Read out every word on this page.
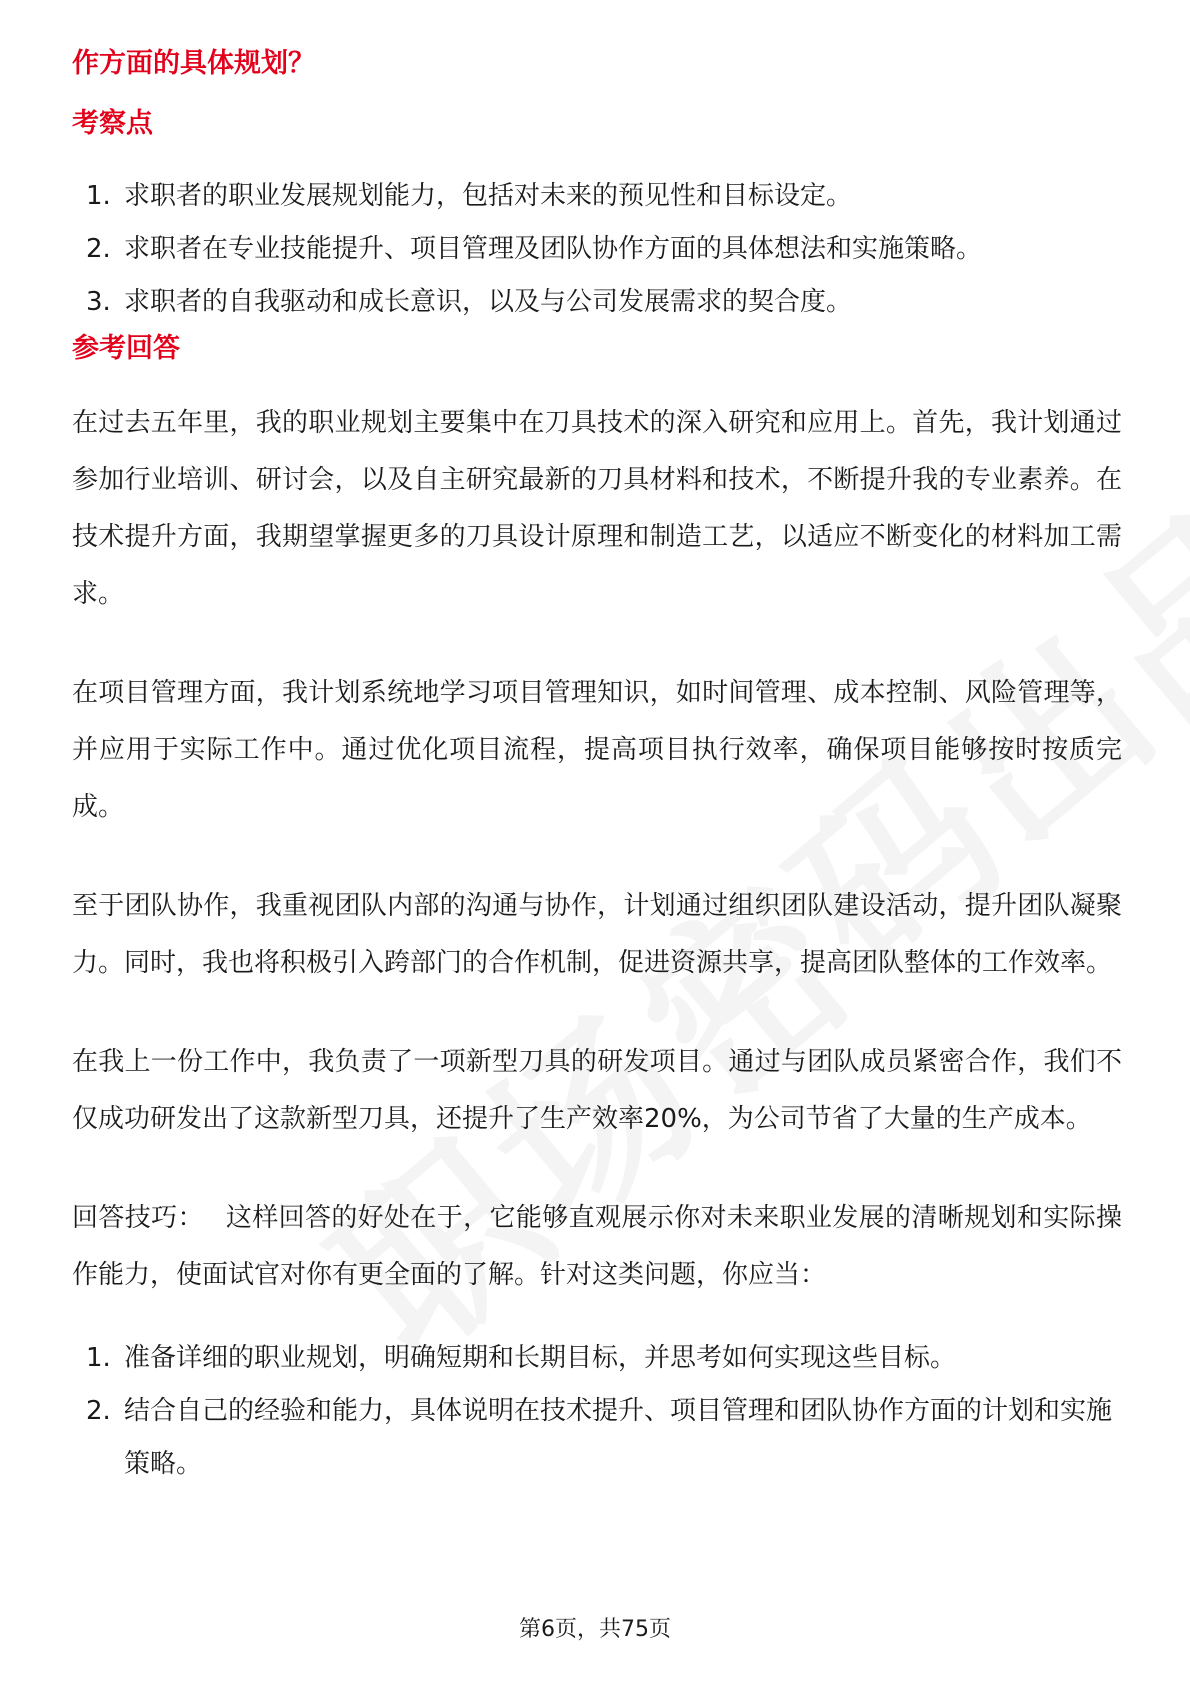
作方面的具体规划？
考察点
1. 求职者的职业发展规划能力，包括对未来的预见性和目标设定。
2. 求职者在专业技能提升、项目管理及团队协作方面的具体想法和实施策略。
3. 求职者的自我驱动和成长意识，以及与公司发展需求的契合度。
参考回答

在过去五年里，我的职业规划主要集中在刀具技术的深入研究和应用上。首先，我计划通过参加行业培训、研讨会，以及自主研究最新的刀具材料和技术，不断提升我的专业素养。在技术提升方面，我期望掌握更多的刀具设计原理和制造工艺，以适应不断变化的材料加工需求。

在项目管理方面，我计划系统地学习项目管理知识，如时间管理、成本控制、风险管理等，并应用于实际工作中。通过优化项目流程，提高项目执行效率，确保项目能够按时按质完成。

至于团队协作，我重视团队内部的沟通与协作，计划通过组织团队建设活动，提升团队凝聚力。同时，我也将积极引入跨部门的合作机制，促进资源共享，提高团队整体的工作效率。

在我上一份工作中，我负责了一项新型刀具的研发项目。通过与团队成员紧密合作，我们不仅成功研发出了这款新型刀具，还提升了生产效率20%，为公司节省了大量的生产成本。

回答技巧： 这样回答的好处在于，它能够直观展示你对未来职业发展的清晰规划和实际操作能力，使面试官对你有更全面的了解。针对这类问题，你应当：

1. 准备详细的职业规划，明确短期和长期目标，并思考如何实现这些目标。
2. 结合自己的经验和能力，具体说明在技术提升、项目管理和团队协作方面的计划和实施策略。
第6页，共75页
